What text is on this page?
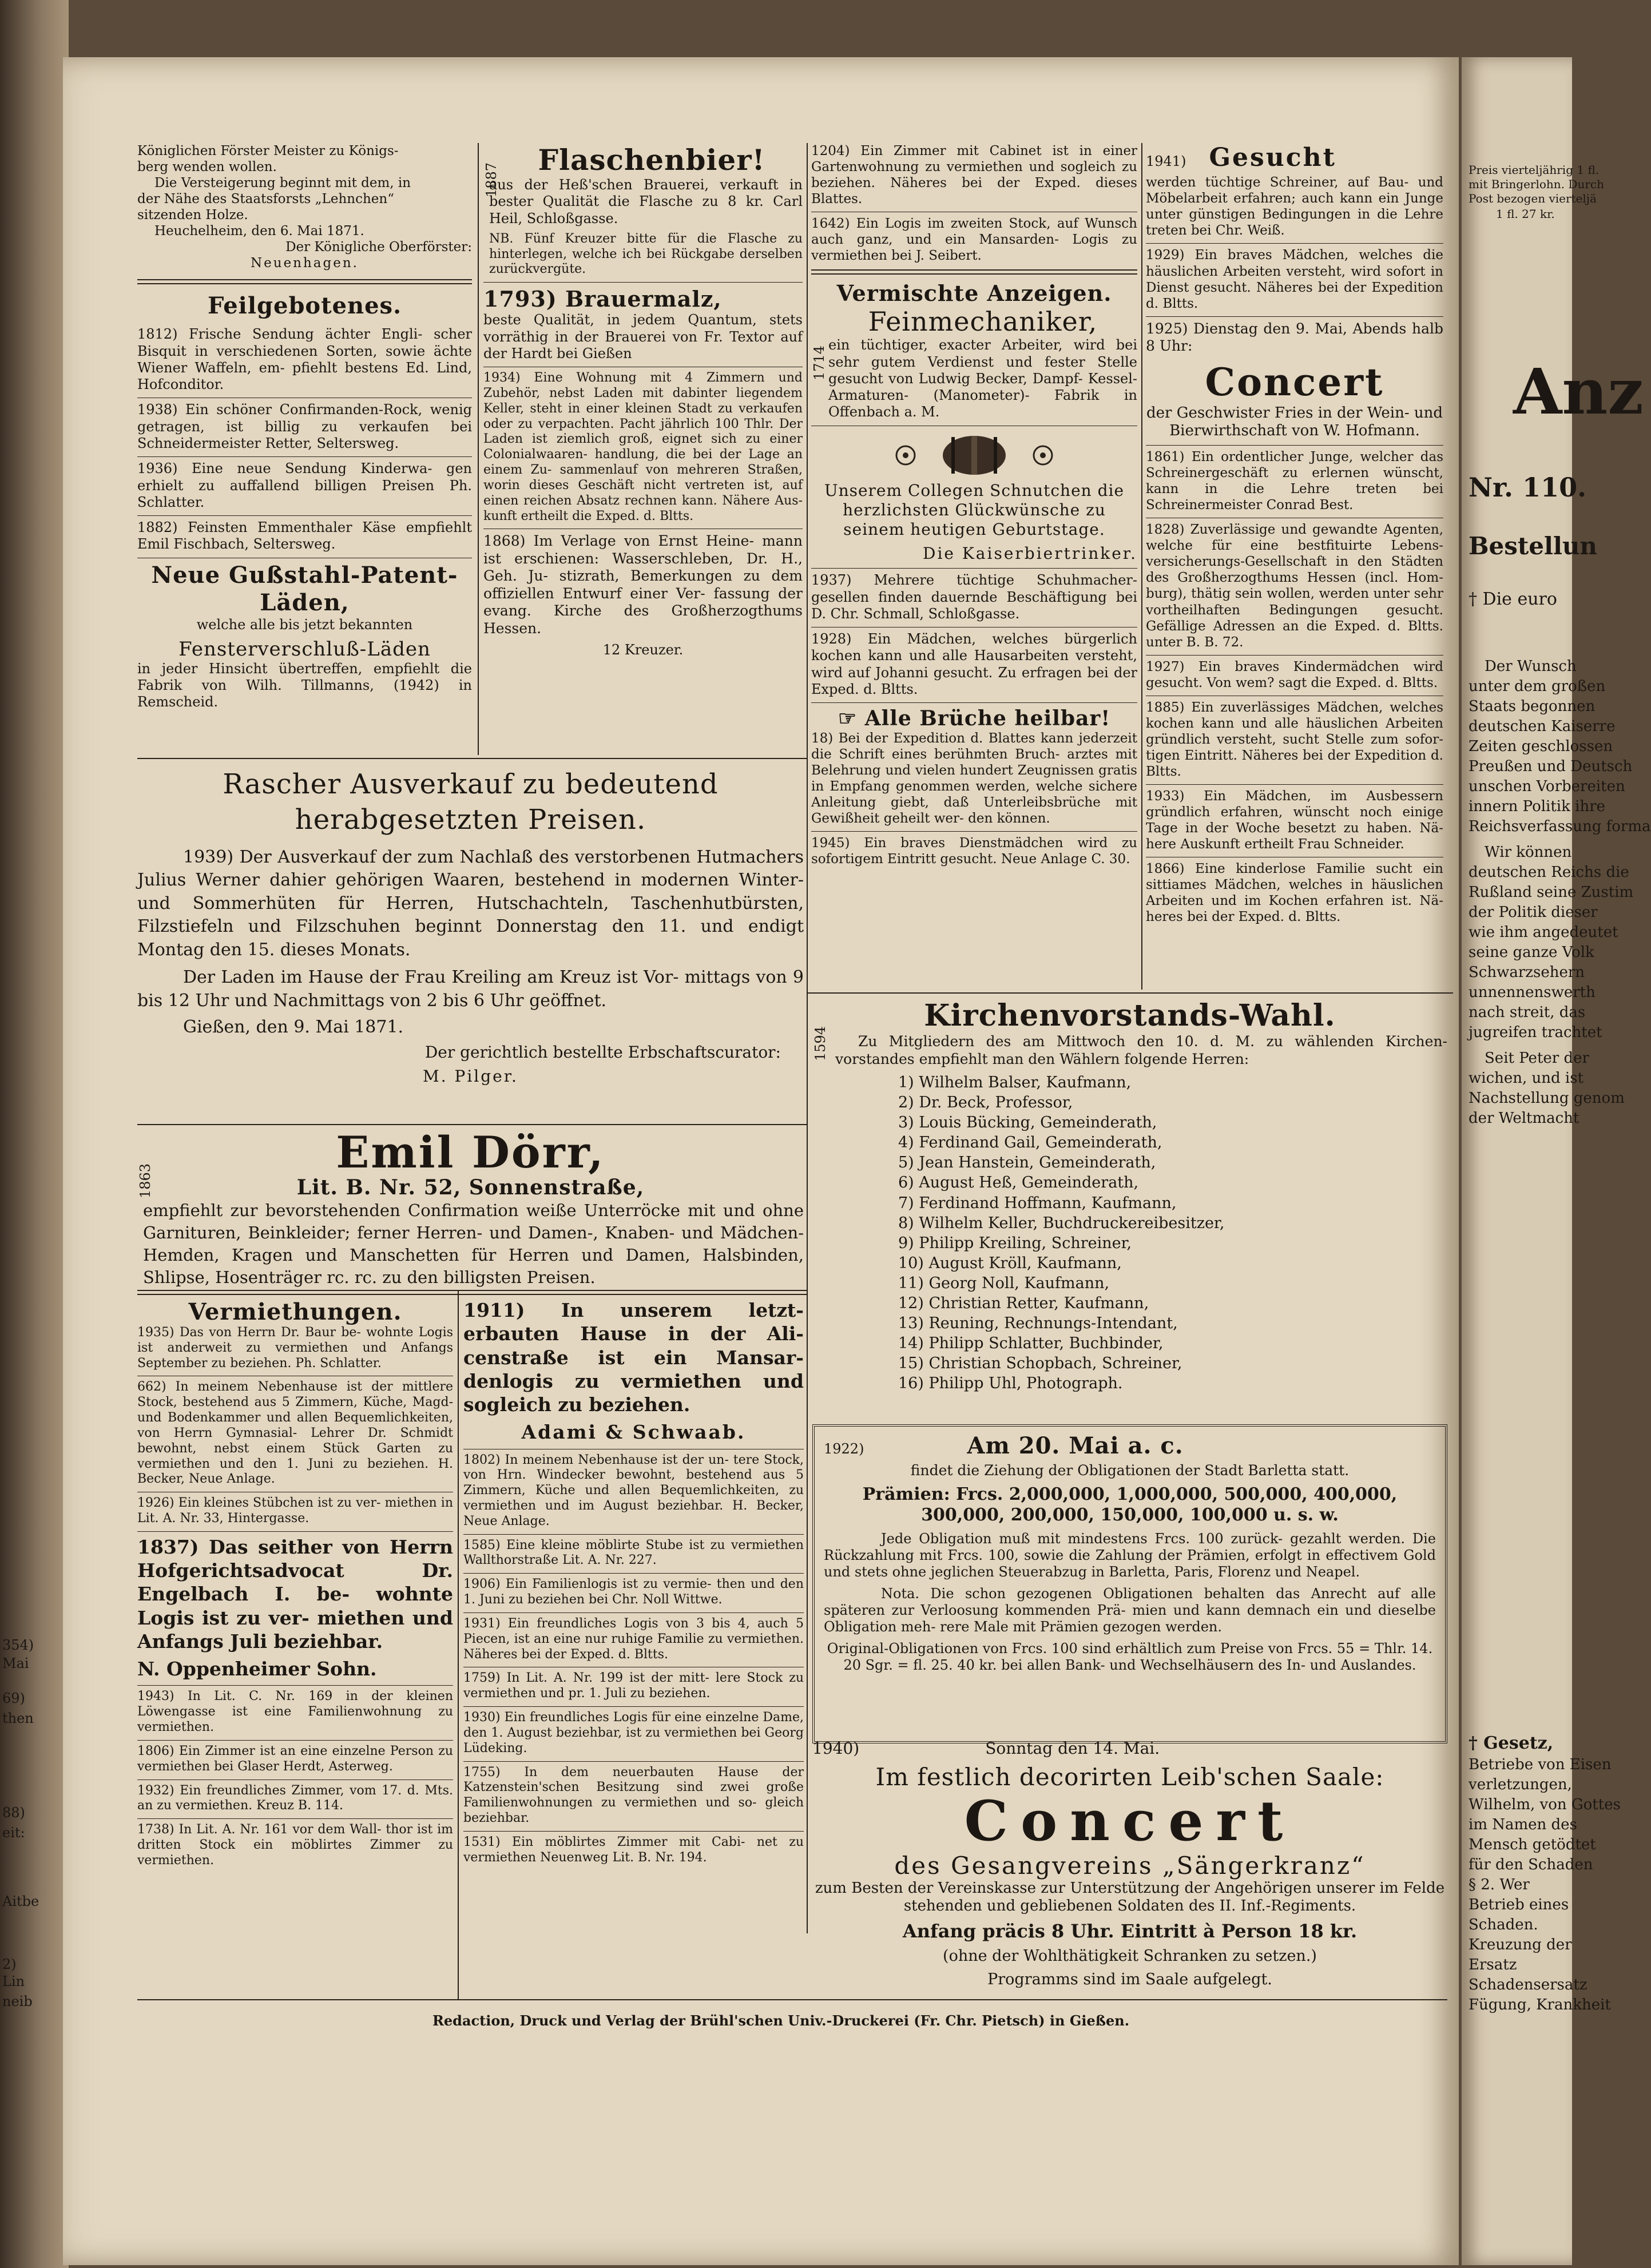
354)
Mai
69)
then
88)
eit:
Aitbe
2)
Lin
neib
Preis vierteljährig 1 fl.
mit Bringerlohn. Durch
Post bezogen vierteljä
1 fl. 27 kr.
Anz
Nr. 110.
Bestellun
† Die euro
Der Wunsch
unter dem großen
Staats begonnen
deutschen Kaiserre
Zeiten geschlossen
Preußen und Deutsch
unschen Vorbereiten
innern Politik ihre
Reichsverfassung forma
Wir können
deutschen Reichs die
Rußland seine Zustim
der Politik dieser
wie ihm angedeutet
seine ganze Volk
Schwarzsehern
unnennenswerth
nach streit, das
jugreifen trachtet
Seit Peter der
wichen, und ist
Nachstellung genom
der Weltmacht
† Gesetz,
Betriebe von Eisen
verletzungen,
Wilhelm, von Gottes
im Namen des
Mensch getödtet
für den Schaden
§ 2. Wer
Betrieb eines
Schaden.
Kreuzung der
Ersatz
Schadensersatz
Fügung, Krankheit
Königlichen Förster Meister zu Königs-
berg wenden wollen.
Die Versteigerung beginnt mit dem, in
der Nähe des Staatsforsts „Lehnchen“
sitzenden Holze.
Heuchelheim, den 6. Mai 1871.
Der Königliche Oberförster:
Neuenhagen.
Feilgebotenes.
1812) Frische Sendung ächter Engli- scher Bisquit in verschiedenen Sorten, sowie ächte Wiener Waffeln, em- pfiehlt bestens Ed. Lind, Hofconditor.
1938) Ein schöner Confirmanden-Rock, wenig getragen, ist billig zu verkaufen bei Schneidermeister Retter, Seltersweg.
1936) Eine neue Sendung Kinderwa- gen erhielt zu auffallend billigen Preisen Ph. Schlatter.
1882) Feinsten Emmenthaler Käse empfiehlt Emil Fischbach, Seltersweg.
Neue Gußstahl-Patent- Läden,
welche alle bis jetzt bekannten
Fensterverschluß-Läden
in jeder Hinsicht übertreffen, empfiehlt die Fabrik von Wilh. Tillmanns, (1942) in Remscheid.
1887
Flaschenbier!
aus der Heß'schen Brauerei, verkauft in bester Qualität die Flasche zu 8 kr. Carl Heil, Schloßgasse.
NB. Fünf Kreuzer bitte für die Flasche zu hinterlegen, welche ich bei Rückgabe derselben zurückvergüte.
1793) Brauermalz,
beste Qualität, in jedem Quantum, stets vorräthig in der Brauerei von Fr. Textor auf der Hardt bei Gießen
1934) Eine Wohnung mit 4 Zimmern und Zubehör, nebst Laden mit dabinter liegendem Keller, steht in einer kleinen Stadt zu verkaufen oder zu verpachten. Pacht jährlich 100 Thlr. Der Laden ist ziemlich groß, eignet sich zu einer Colonialwaaren- handlung, die bei der Lage an einem Zu- sammenlauf von mehreren Straßen, worin dieses Geschäft nicht vertreten ist, auf einen reichen Absatz rechnen kann. Nähere Aus- kunft ertheilt die Exped. d. Bltts.
1868) Im Verlage von Ernst Heine- mann ist erschienen: Wasserschleben, Dr. H., Geh. Ju- stizrath, Bemerkungen zu dem offiziellen Entwurf einer Ver- fassung der evang. Kirche des Großherzogthums Hessen.
12 Kreuzer.
1204) Ein Zimmer mit Cabinet ist in einer Gartenwohnung zu vermiethen und sogleich zu beziehen. Näheres bei der Exped. dieses Blattes.
1642) Ein Logis im zweiten Stock, auf Wunsch auch ganz, und ein Mansarden- Logis zu vermiethen bei J. Seibert.
Vermischte Anzeigen.
1714
Feinmechaniker,
ein tüchtiger, exacter Arbeiter, wird bei sehr gutem Verdienst und fester Stelle gesucht von Ludwig Becker, Dampf- Kessel- Armaturen- (Manometer)- Fabrik in Offenbach a. M.
Unserem Collegen Schnutchen die herzlichsten Glückwünsche zu seinem heutigen Geburtstage.
Die Kaiserbiertrinker.
1937) Mehrere tüchtige Schuhmacher- gesellen finden dauernde Beschäftigung bei D. Chr. Schmall, Schloßgasse.
1928) Ein Mädchen, welches bürgerlich kochen kann und alle Hausarbeiten versteht, wird auf Johanni gesucht. Zu erfragen bei der Exped. d. Bltts.
☞ Alle Brüche heilbar!
18) Bei der Expedition d. Blattes kann jederzeit die Schrift eines berühmten Bruch- arztes mit Belehrung und vielen hundert Zeugnissen gratis in Empfang genommen werden, welche sichere Anleitung giebt, daß Unterleibsbrüche mit Gewißheit geheilt wer- den können.
1945) Ein braves Dienstmädchen wird zu sofortigem Eintritt gesucht. Neue Anlage C. 30.
1941) Gesucht
werden tüchtige Schreiner, auf Bau- und Möbelarbeit erfahren; auch kann ein Junge unter günstigen Bedingungen in die Lehre treten bei Chr. Weiß.
1929) Ein braves Mädchen, welches die häuslichen Arbeiten versteht, wird sofort in Dienst gesucht. Näheres bei der Expedition d. Bltts.
1925) Dienstag den 9. Mai, Abends halb 8 Uhr:
Concert
der Geschwister Fries in der Wein- und Bierwirthschaft von W. Hofmann.
1861) Ein ordentlicher Junge, welcher das Schreinergeschäft zu erlernen wünscht, kann in die Lehre treten bei Schreinermeister Conrad Best.
1828) Zuverlässige und gewandte Agenten, welche für eine bestfituirte Lebens- versicherungs-Gesellschaft in den Städten des Großherzogthums Hessen (incl. Hom- burg), thätig sein wollen, werden unter sehr vortheilhaften Bedingungen gesucht. Gefällige Adressen an die Exped. d. Bltts. unter B. B. 72.
1927) Ein braves Kindermädchen wird gesucht. Von wem? sagt die Exped. d. Bltts.
1885) Ein zuverlässiges Mädchen, welches kochen kann und alle häuslichen Arbeiten gründlich versteht, sucht Stelle zum sofor- tigen Eintritt. Näheres bei der Expedition d. Bltts.
1933) Ein Mädchen, im Ausbessern gründlich erfahren, wünscht noch einige Tage in der Woche besetzt zu haben. Nä- here Auskunft ertheilt Frau Schneider.
1866) Eine kinderlose Familie sucht ein sittiames Mädchen, welches in häuslichen Arbeiten und im Kochen erfahren ist. Nä- heres bei der Exped. d. Bltts.
Rascher Ausverkauf zu bedeutend herabgesetzten Preisen.
1939) Der Ausverkauf der zum Nachlaß des verstorbenen Hutmachers Julius Werner dahier gehörigen Waaren, bestehend in modernen Winter- und Sommerhüten für Herren, Hutschachteln, Taschenhutbürsten, Filzstiefeln und Filzschuhen beginnt Donnerstag den 11. und endigt Montag den 15. dieses Monats.
Der Laden im Hause der Frau Kreiling am Kreuz ist Vor- mittags von 9 bis 12 Uhr und Nachmittags von 2 bis 6 Uhr geöffnet.
Gießen, den 9. Mai 1871.
Der gerichtlich bestellte Erbschaftscurator:
M. Pilger.
1863
Emil Dörr,
Lit. B. Nr. 52, Sonnenstraße,
empfiehlt zur bevorstehenden Confirmation weiße Unterröcke mit und ohne Garnituren, Beinkleider; ferner Herren- und Damen-, Knaben- und Mädchen-Hemden, Kragen und Manschetten für Herren und Damen, Halsbinden, Shlipse, Hosenträger rc. rc. zu den billigsten Preisen.
Vermiethungen.
1935) Das von Herrn Dr. Baur be- wohnte Logis ist anderweit zu vermiethen und Anfangs September zu beziehen. Ph. Schlatter.
662) In meinem Nebenhause ist der mittlere Stock, bestehend aus 5 Zimmern, Küche, Magd- und Bodenkammer und allen Bequemlichkeiten, von Herrn Gymnasial- Lehrer Dr. Schmidt bewohnt, nebst einem Stück Garten zu vermiethen und den 1. Juni zu beziehen. H. Becker, Neue Anlage.
1926) Ein kleines Stübchen ist zu ver- miethen in Lit. A. Nr. 33, Hintergasse.
1837) Das seither von Herrn Hofgerichtsadvocat Dr. Engelbach I. be- wohnte Logis ist zu ver- miethen und Anfangs Juli beziehbar.
N. Oppenheimer Sohn.
1943) In Lit. C. Nr. 169 in der kleinen Löwengasse ist eine Familienwohnung zu vermiethen.
1806) Ein Zimmer ist an eine einzelne Person zu vermiethen bei Glaser Herdt, Asterweg.
1932) Ein freundliches Zimmer, vom 17. d. Mts. an zu vermiethen. Kreuz B. 114.
1738) In Lit. A. Nr. 161 vor dem Wall- thor ist im dritten Stock ein möblirtes Zimmer zu vermiethen.
1911) In unserem letzt- erbauten Hause in der Ali- censtraße ist ein Mansar- denlogis zu vermiethen und sogleich zu beziehen.
Adami & Schwaab.
1802) In meinem Nebenhause ist der un- tere Stock, von Hrn. Windecker bewohnt, bestehend aus 5 Zimmern, Küche und allen Bequemlichkeiten, zu vermiethen und im August beziehbar. H. Becker, Neue Anlage.
1585) Eine kleine möblirte Stube ist zu vermiethen Wallthorstraße Lit. A. Nr. 227.
1906) Ein Familienlogis ist zu vermie- then und den 1. Juni zu beziehen bei Chr. Noll Wittwe.
1931) Ein freundliches Logis von 3 bis 4, auch 5 Piecen, ist an eine nur ruhige Familie zu vermiethen. Näheres bei der Exped. d. Bltts.
1759) In Lit. A. Nr. 199 ist der mitt- lere Stock zu vermiethen und pr. 1. Juli zu beziehen.
1930) Ein freundliches Logis für eine einzelne Dame, den 1. August beziehbar, ist zu vermiethen bei Georg Lüdeking.
1755) In dem neuerbauten Hause der Katzenstein'schen Besitzung sind zwei große Familienwohnungen zu vermiethen und so- gleich beziehbar.
1531) Ein möblirtes Zimmer mit Cabi- net zu vermiethen Neuenweg Lit. B. Nr. 194.
1594
Kirchenvorstands-Wahl.
Zu Mitgliedern des am Mittwoch den 10. d. M. zu wählenden Kirchen- vorstandes empfiehlt man den Wählern folgende Herren:
1) Wilhelm Balser, Kaufmann,
2) Dr. Beck, Professor,
3) Louis Bücking, Gemeinderath,
4) Ferdinand Gail, Gemeinderath,
5) Jean Hanstein, Gemeinderath,
6) August Heß, Gemeinderath,
7) Ferdinand Hoffmann, Kaufmann,
8) Wilhelm Keller, Buchdruckereibesitzer,
9) Philipp Kreiling, Schreiner,
10) August Kröll, Kaufmann,
11) Georg Noll, Kaufmann,
12) Christian Retter, Kaufmann,
13) Reuning, Rechnungs-Intendant,
14) Philipp Schlatter, Buchbinder,
15) Christian Schopbach, Schreiner,
16) Philipp Uhl, Photograph.
1922)	Am 20. Mai a. c.
findet die Ziehung der Obligationen der Stadt Barletta statt.
Prämien: Frcs. 2,000,000, 1,000,000, 500,000, 400,000, 300,000, 200,000, 150,000, 100,000 u. s. w.
Jede Obligation muß mit mindestens Frcs. 100 zurück- gezahlt werden. Die Rückzahlung mit Frcs. 100, sowie die Zahlung der Prämien, erfolgt in effectivem Gold und stets ohne jeglichen Steuerabzug in Barletta, Paris, Florenz und Neapel.
Nota. Die schon gezogenen Obligationen behalten das Anrecht auf alle späteren zur Verloosung kommenden Prä- mien und kann demnach ein und dieselbe Obligation meh- rere Male mit Prämien gezogen werden.
Original-Obligationen von Frcs. 100 sind erhältlich zum Preise von Frcs. 55 = Thlr. 14. 20 Sgr. = fl. 25. 40 kr. bei allen Bank- und Wechselhäusern des In- und Auslandes.
1940)	Sonntag den 14. Mai.
Im festlich decorirten Leib'schen Saale:
Concert
des Gesangvereins „Sängerkranz“
zum Besten der Vereinskasse zur Unterstützung der Angehörigen unserer im Felde stehenden und gebliebenen Soldaten des II. Inf.-Regiments.
Anfang präcis 8 Uhr. Eintritt à Person 18 kr.
(ohne der Wohlthätigkeit Schranken zu setzen.)
Programms sind im Saale aufgelegt.
Redaction, Druck und Verlag der Brühl'schen Univ.-Druckerei (Fr. Chr. Pietsch) in Gießen.
